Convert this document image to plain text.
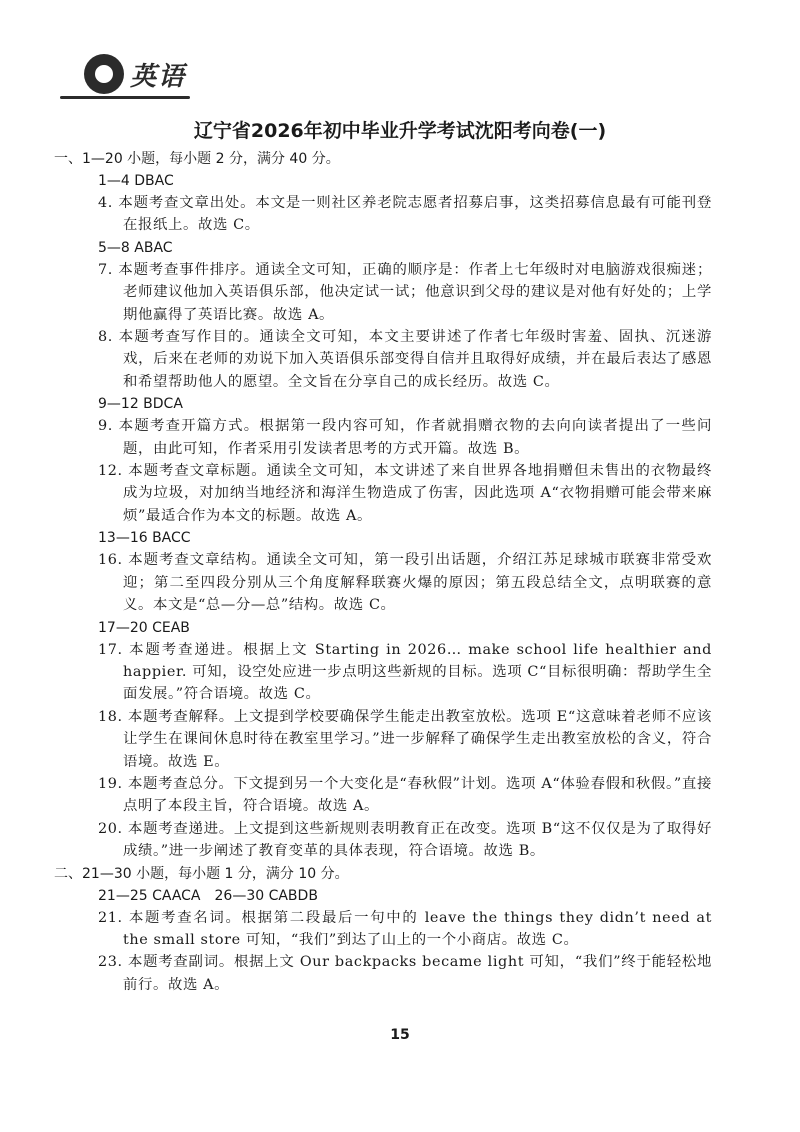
英语
辽宁省2026年初中毕业升学考试沈阳考向卷(一)
一、1—20 小题，每小题 2 分，满分 40 分。
1—4 DBAC
4. 本题考查文章出处。本文是一则社区养老院志愿者招募启事，这类招募信息最有可能刊登在报纸上。故选 C。
5—8 ABAC
7. 本题考查事件排序。通读全文可知，正确的顺序是：作者上七年级时对电脑游戏很痴迷；老师建议他加入英语俱乐部，他决定试一试；他意识到父母的建议是对他有好处的；上学期他赢得了英语比赛。故选 A。
8. 本题考查写作目的。通读全文可知，本文主要讲述了作者七年级时害羞、固执、沉迷游戏，后来在老师的劝说下加入英语俱乐部变得自信并且取得好成绩，并在最后表达了感恩和希望帮助他人的愿望。全文旨在分享自己的成长经历。故选 C。
9—12 BDCA
9. 本题考查开篇方式。根据第一段内容可知，作者就捐赠衣物的去向向读者提出了一些问题，由此可知，作者采用引发读者思考的方式开篇。故选 B。
12. 本题考查文章标题。通读全文可知，本文讲述了来自世界各地捐赠但未售出的衣物最终成为垃圾，对加纳当地经济和海洋生物造成了伤害，因此选项 A“衣物捐赠可能会带来麻烦”最适合作为本文的标题。故选 A。
13—16 BACC
16. 本题考查文章结构。通读全文可知，第一段引出话题，介绍江苏足球城市联赛非常受欢迎；第二至四段分别从三个角度解释联赛火爆的原因；第五段总结全文，点明联赛的意义。本文是“总—分—总”结构。故选 C。
17—20 CEAB
17. 本题考查递进。根据上文 Starting in 2026… make school life healthier and happier. 可知，设空处应进一步点明这些新规的目标。选项 C“目标很明确：帮助学生全面发展。”符合语境。故选 C。
18. 本题考查解释。上文提到学校要确保学生能走出教室放松。选项 E“这意味着老师不应该让学生在课间休息时待在教室里学习。”进一步解释了确保学生走出教室放松的含义，符合语境。故选 E。
19. 本题考查总分。下文提到另一个大变化是“春秋假”计划。选项 A“体验春假和秋假。”直接点明了本段主旨，符合语境。故选 A。
20. 本题考查递进。上文提到这些新规则表明教育正在改变。选项 B“这不仅仅是为了取得好成绩。”进一步阐述了教育变革的具体表现，符合语境。故选 B。
二、21—30 小题，每小题 1 分，满分 10 分。
21—25 CAACA　26—30 CABDB
21. 本题考查名词。根据第二段最后一句中的 leave the things they didn’t need at the small store 可知，“我们”到达了山上的一个小商店。故选 C。
23. 本题考查副词。根据上文 Our backpacks became light 可知，“我们”终于能轻松地前行。故选 A。
15
